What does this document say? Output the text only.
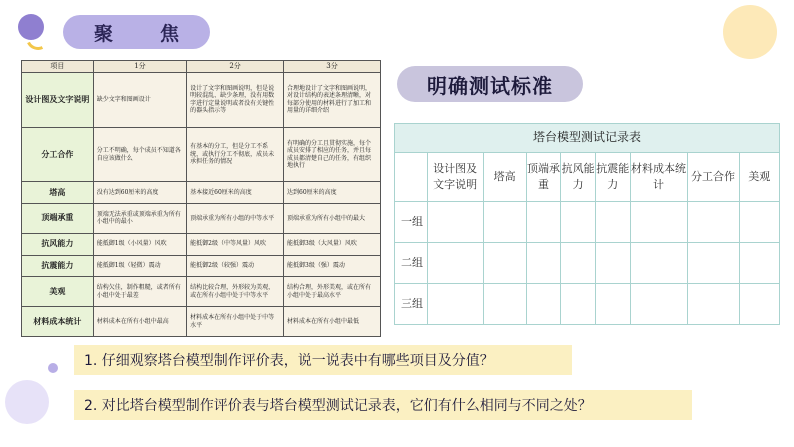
聚　焦
项目	1分	2分	3分
设计图及文字说明	缺少文字和图画设计	设计了文字和图画说明，但是说明较混乱、缺少条理，没有用数字进行定量说明或者没有关键性的器头指示等	合理地设计了文字和图画说明，对设计结构的表述条理清晰，对每部分使用的材料进行了加工和用量的详细介绍
分工合作	分工不明确，每个成员不知道各自应该做什么	有基本的分工，但是分工不系统，或执行分工不彻底，成员未承担任务的情况	有明确的分工且贯彻实施，每个成员安排了相应的任务，并且每成员都清楚自己的任务，有组织地执行
塔高	没有达到60厘米的高度	基本接近60厘米的高度	达到60厘米的高度
顶端承重	顶端无法承重或顶端承重为所有小组中的最小	顶端承重为所有小组的中等水平	顶端承重为所有小组中的最大
抗风能力	能抵御1级（小风量）风吹	能抵御2级（中等风量）风吹	能抵御3级（大风量）风吹
抗震能力	能抵御1级（轻微）震动	能抵御2级（较强）震动	能抵御3级（强）震动
美观	结构欠佳，制作粗糙，或者所有小组中处于最差	结构比较合理，外形较为美观，或在所有小组中处于中等水平	结构合理，外形美观，或在所有小组中处于最高水平
材料成本统计	材料成本在所有小组中最高	材料成本在所有小组中处于中等水平	材料成本在所有小组中最低
明确测试标准
塔台模型测试记录表								
	设计图及文字说明	塔高	顶端承重	抗风能力	抗震能力	材料成本统计	分工合作	美观
一组								
二组								
三组								
1. 仔细观察塔台模型制作评价表，说一说表中有哪些项目及分值？
2. 对比塔台模型制作评价表与塔台模型测试记录表，它们有什么相同与不同之处？
